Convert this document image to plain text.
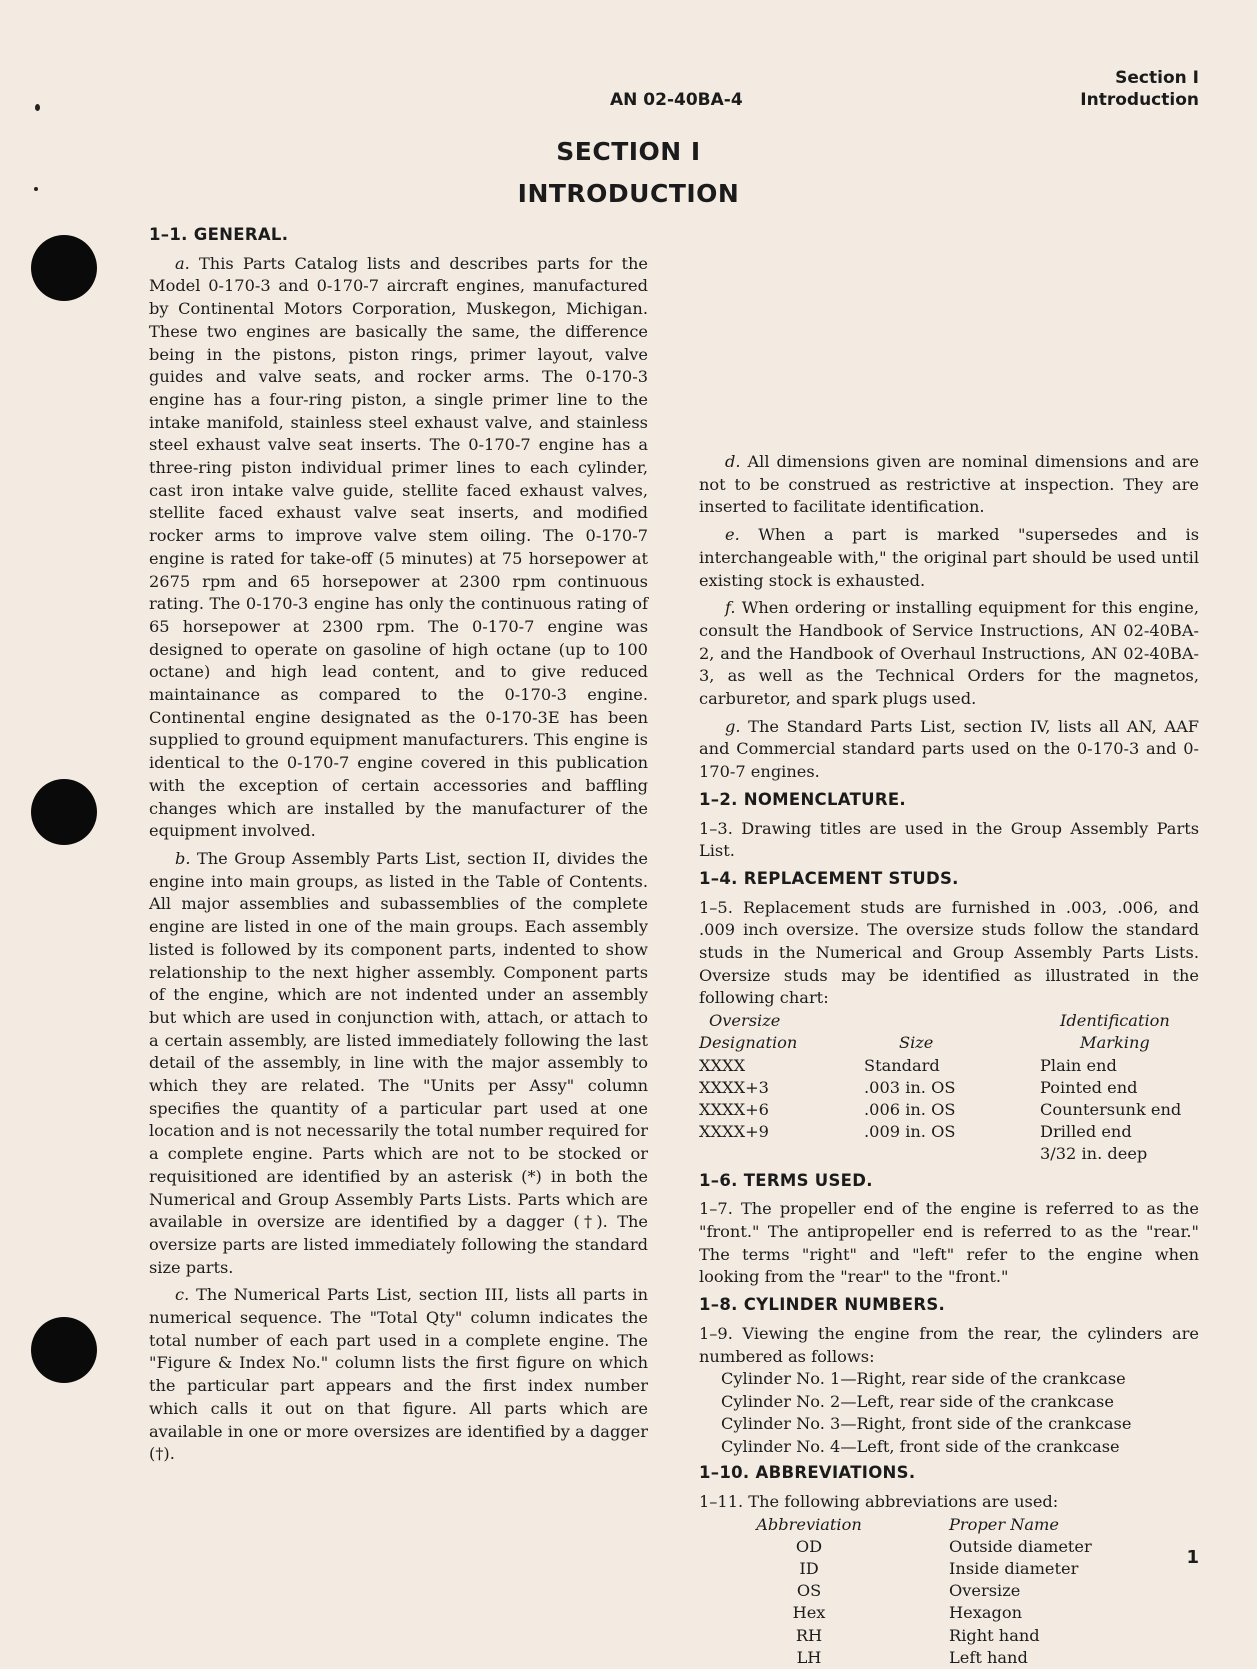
AN 02-40BA-4
Section I
Introduction
SECTION I
INTRODUCTION
1–1. GENERAL.

a. This Parts Catalog lists and describes parts for the Model 0-170-3 and 0-170-7 aircraft engines, manufactured by Continental Motors Corporation, Muskegon, Michigan. These two engines are basically the same, the difference being in the pistons, piston rings, primer layout, valve guides and valve seats, and rocker arms. The 0-170-3 engine has a four-ring piston, a single primer line to the intake manifold, stainless steel exhaust valve, and stainless steel exhaust valve seat inserts. The 0-170-7 engine has a three-ring piston individual primer lines to each cylinder, cast iron intake valve guide, stellite faced exhaust valves, stellite faced exhaust valve seat inserts, and modified rocker arms to improve valve stem oiling. The 0-170-7 engine is rated for take-off (5 minutes) at 75 horsepower at 2675 rpm and 65 horsepower at 2300 rpm continuous rating. The 0-170-3 engine has only the continuous rating of 65 horsepower at 2300 rpm. The 0-170-7 engine was designed to operate on gasoline of high octane (up to 100 octane) and high lead content, and to give reduced maintainance as compared to the 0-170-3 engine. Continental engine designated as the 0-170-3E has been supplied to ground equipment manufacturers. This engine is identical to the 0-170-7 engine covered in this publication with the exception of certain accessories and baffling changes which are installed by the manufacturer of the equipment involved.

b. The Group Assembly Parts List, section II, divides the engine into main groups, as listed in the Table of Contents. All major assemblies and subassemblies of the complete engine are listed in one of the main groups. Each assembly listed is followed by its component parts, indented to show relationship to the next higher assembly. Component parts of the engine, which are not indented under an assembly but which are used in conjunction with, attach, or attach to a certain assembly, are listed immediately following the last detail of the assembly, in line with the major assembly to which they are related. The "Units per Assy" column specifies the quantity of a particular part used at one location and is not necessarily the total number required for a complete engine. Parts which are not to be stocked or requisitioned are identified by an asterisk (*) in both the Numerical and Group Assembly Parts Lists. Parts which are available in oversize are identified by a dagger (†). The oversize parts are listed immediately following the standard size parts.

c. The Numerical Parts List, section III, lists all parts in numerical sequence. The "Total Qty" column indicates the total number of each part used in a complete engine. The "Figure & Index No." column lists the first figure on which the particular part appears and the first index number which calls it out on that figure. All parts which are available in one or more oversizes are identified by a dagger (†).

d. All dimensions given are nominal dimensions and are not to be construed as restrictive at inspection. They are inserted to facilitate identification.

e. When a part is marked "supersedes and is interchangeable with," the original part should be used until existing stock is exhausted.

f. When ordering or installing equipment for this engine, consult the Handbook of Service Instructions, AN 02-40BA-2, and the Handbook of Overhaul Instructions, AN 02-40BA-3, as well as the Technical Orders for the magnetos, carburetor, and spark plugs used.

g. The Standard Parts List, section IV, lists all AN, AAF and Commercial standard parts used on the 0-170-3 and 0-170-7 engines.

1–2. NOMENCLATURE.

1–3. Drawing titles are used in the Group Assembly Parts List.

1–4. REPLACEMENT STUDS.

1–5. Replacement studs are furnished in .003, .006, and .009 inch oversize. The oversize studs follow the standard studs in the Numerical and Group Assembly Parts Lists. Oversize studs may be identified as illustrated in the following chart:

Oversize		Identification
Designation	Size	Marking
XXXX	Standard	Plain end
XXXX+3	.003 in. OS	Pointed end
XXXX+6	.006 in. OS	Countersunk end
XXXX+9	.009 in. OS	Drilled end
		3/32 in. deep
1–6. TERMS USED.

1–7. The propeller end of the engine is referred to as the "front." The antipropeller end is referred to as the "rear." The terms "right" and "left" refer to the engine when looking from the "rear" to the "front."

1–8. CYLINDER NUMBERS.

1–9. Viewing the engine from the rear, the cylinders are numbered as follows:

Cylinder No. 1—Right, rear side of the crankcase
Cylinder No. 2—Left, rear side of the crankcase
Cylinder No. 3—Right, front side of the crankcase
Cylinder No. 4—Left, front side of the crankcase
1–10. ABBREVIATIONS.

1–11. The following abbreviations are used:

Abbreviation	Proper Name
OD	Outside diameter
ID	Inside diameter
OS	Oversize
Hex	Hexagon
RH	Right hand
LH	Left hand
1
